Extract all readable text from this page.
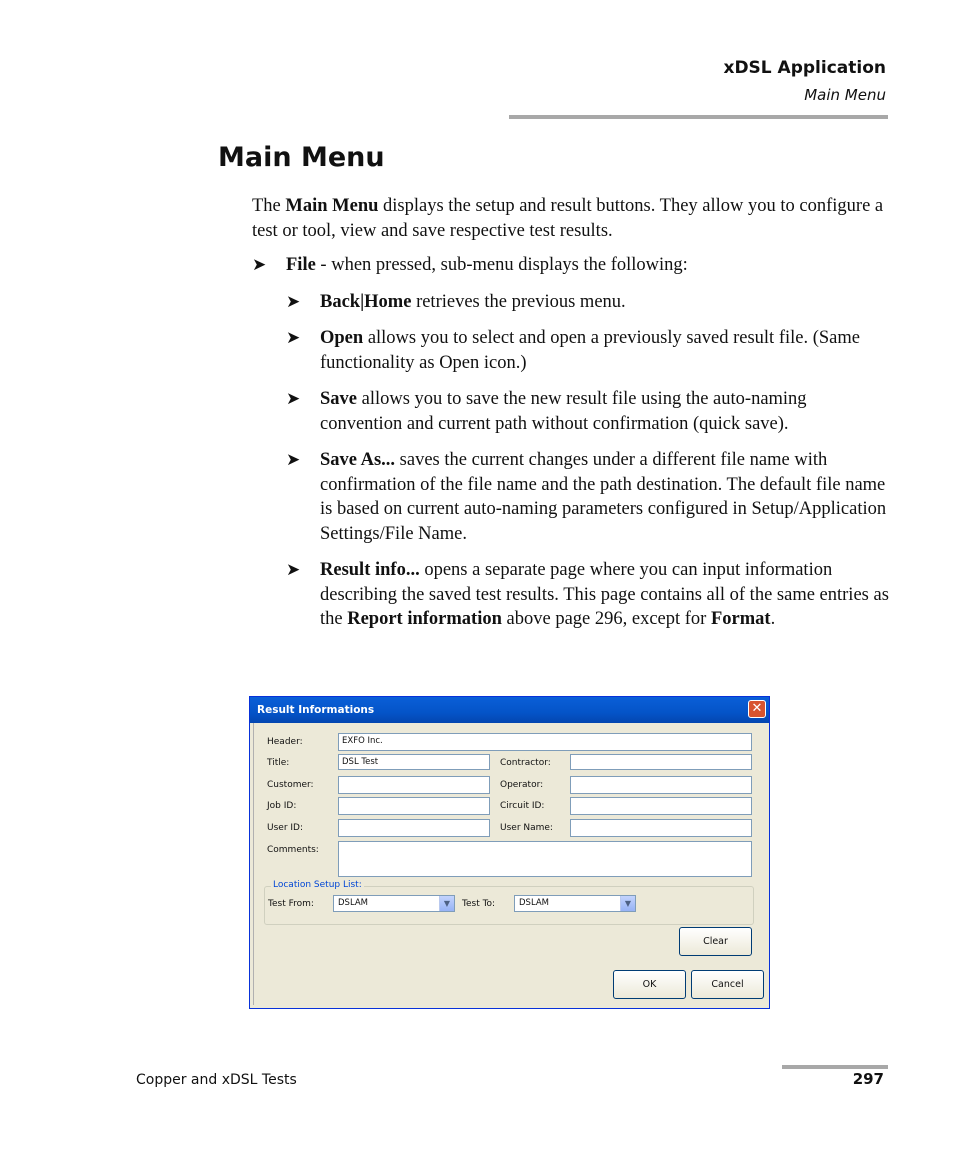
xDSL Application
Main Menu
Main Menu

The Main Menu displays the setup and result buttons. They allow you to configure a test or tool, view and save respective test results.

➤ File - when pressed, sub-menu displays the following:
➤ Back|Home retrieves the previous menu.
➤ Open allows you to select and open a previously saved result file. (Same functionality as Open icon.)
➤ Save allows you to save the new result file using the auto-naming convention and current path without confirmation (quick save).
➤ Save As... saves the current changes under a different file name with confirmation of the file name and the path destination. The default file name is based on current auto-naming parameters configured in Setup/Application Settings/File Name.
➤ Result info... opens a separate page where you can input information describing the saved test results. This page contains all of the same entries as the Report information above page 296, except for Format.
Result Informations	✕
Header:	EXFO Inc.
Title:	DSL Test	Contractor:
Customer:	Operator:
Job ID:	Circuit ID:
User ID:	User Name:
Comments:
Location Setup List:
Test From:	DSLAM	▼	Test To:	DSLAM	▼
Clear
OK	Cancel
Copper and xDSL Tests	297
